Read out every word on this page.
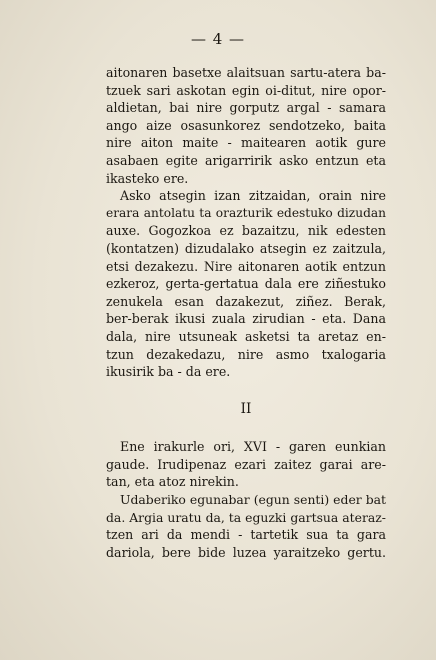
— 4 —

aitonaren basetxe alaitsuan sartu-atera ba-
tzuek sari askotan egin oi-ditut, nire opor-
aldietan, bai nire gorputz argal - samara
ango aize osasunkorez sendotzeko, baita
nire aiton maite - maitearen aotik gure
asabaen egite arigarririk asko entzun eta
ikasteko ere.

Asko atsegin izan zitzaidan, orain nire
erara antolatu ta orazturik edestuko dizudan
auxe. Gogozkoa ez bazaitzu, nik edesten
(kontatzen) dizudalako atsegin ez zaitzula,
etsi dezakezu. Nire aitonaren aotik entzun
ezkeroz, gerta-gertatua dala ere ziñestuko
zenukela esan dazakezut, ziñez. Berak,
ber-berak ikusi zuala zirudian - eta. Dana
dala, nire utsuneak asketsi ta aretaz en-
tzun dezakedazu, nire asmo txalogaria
ikusirik ba - da ere.

II

Ene irakurle ori, XVI - garen eunkian
gaude. Irudipenaz ezari zaitez garai are-
tan, eta atoz nirekin.

Udaberiko egunabar (egun senti) eder bat
da. Argia uratu da, ta eguzki gartsua ateraz-
tzen ari da mendi - tartetik sua ta gara
dariola, bere bide luzea yaraitzeko gertu.
